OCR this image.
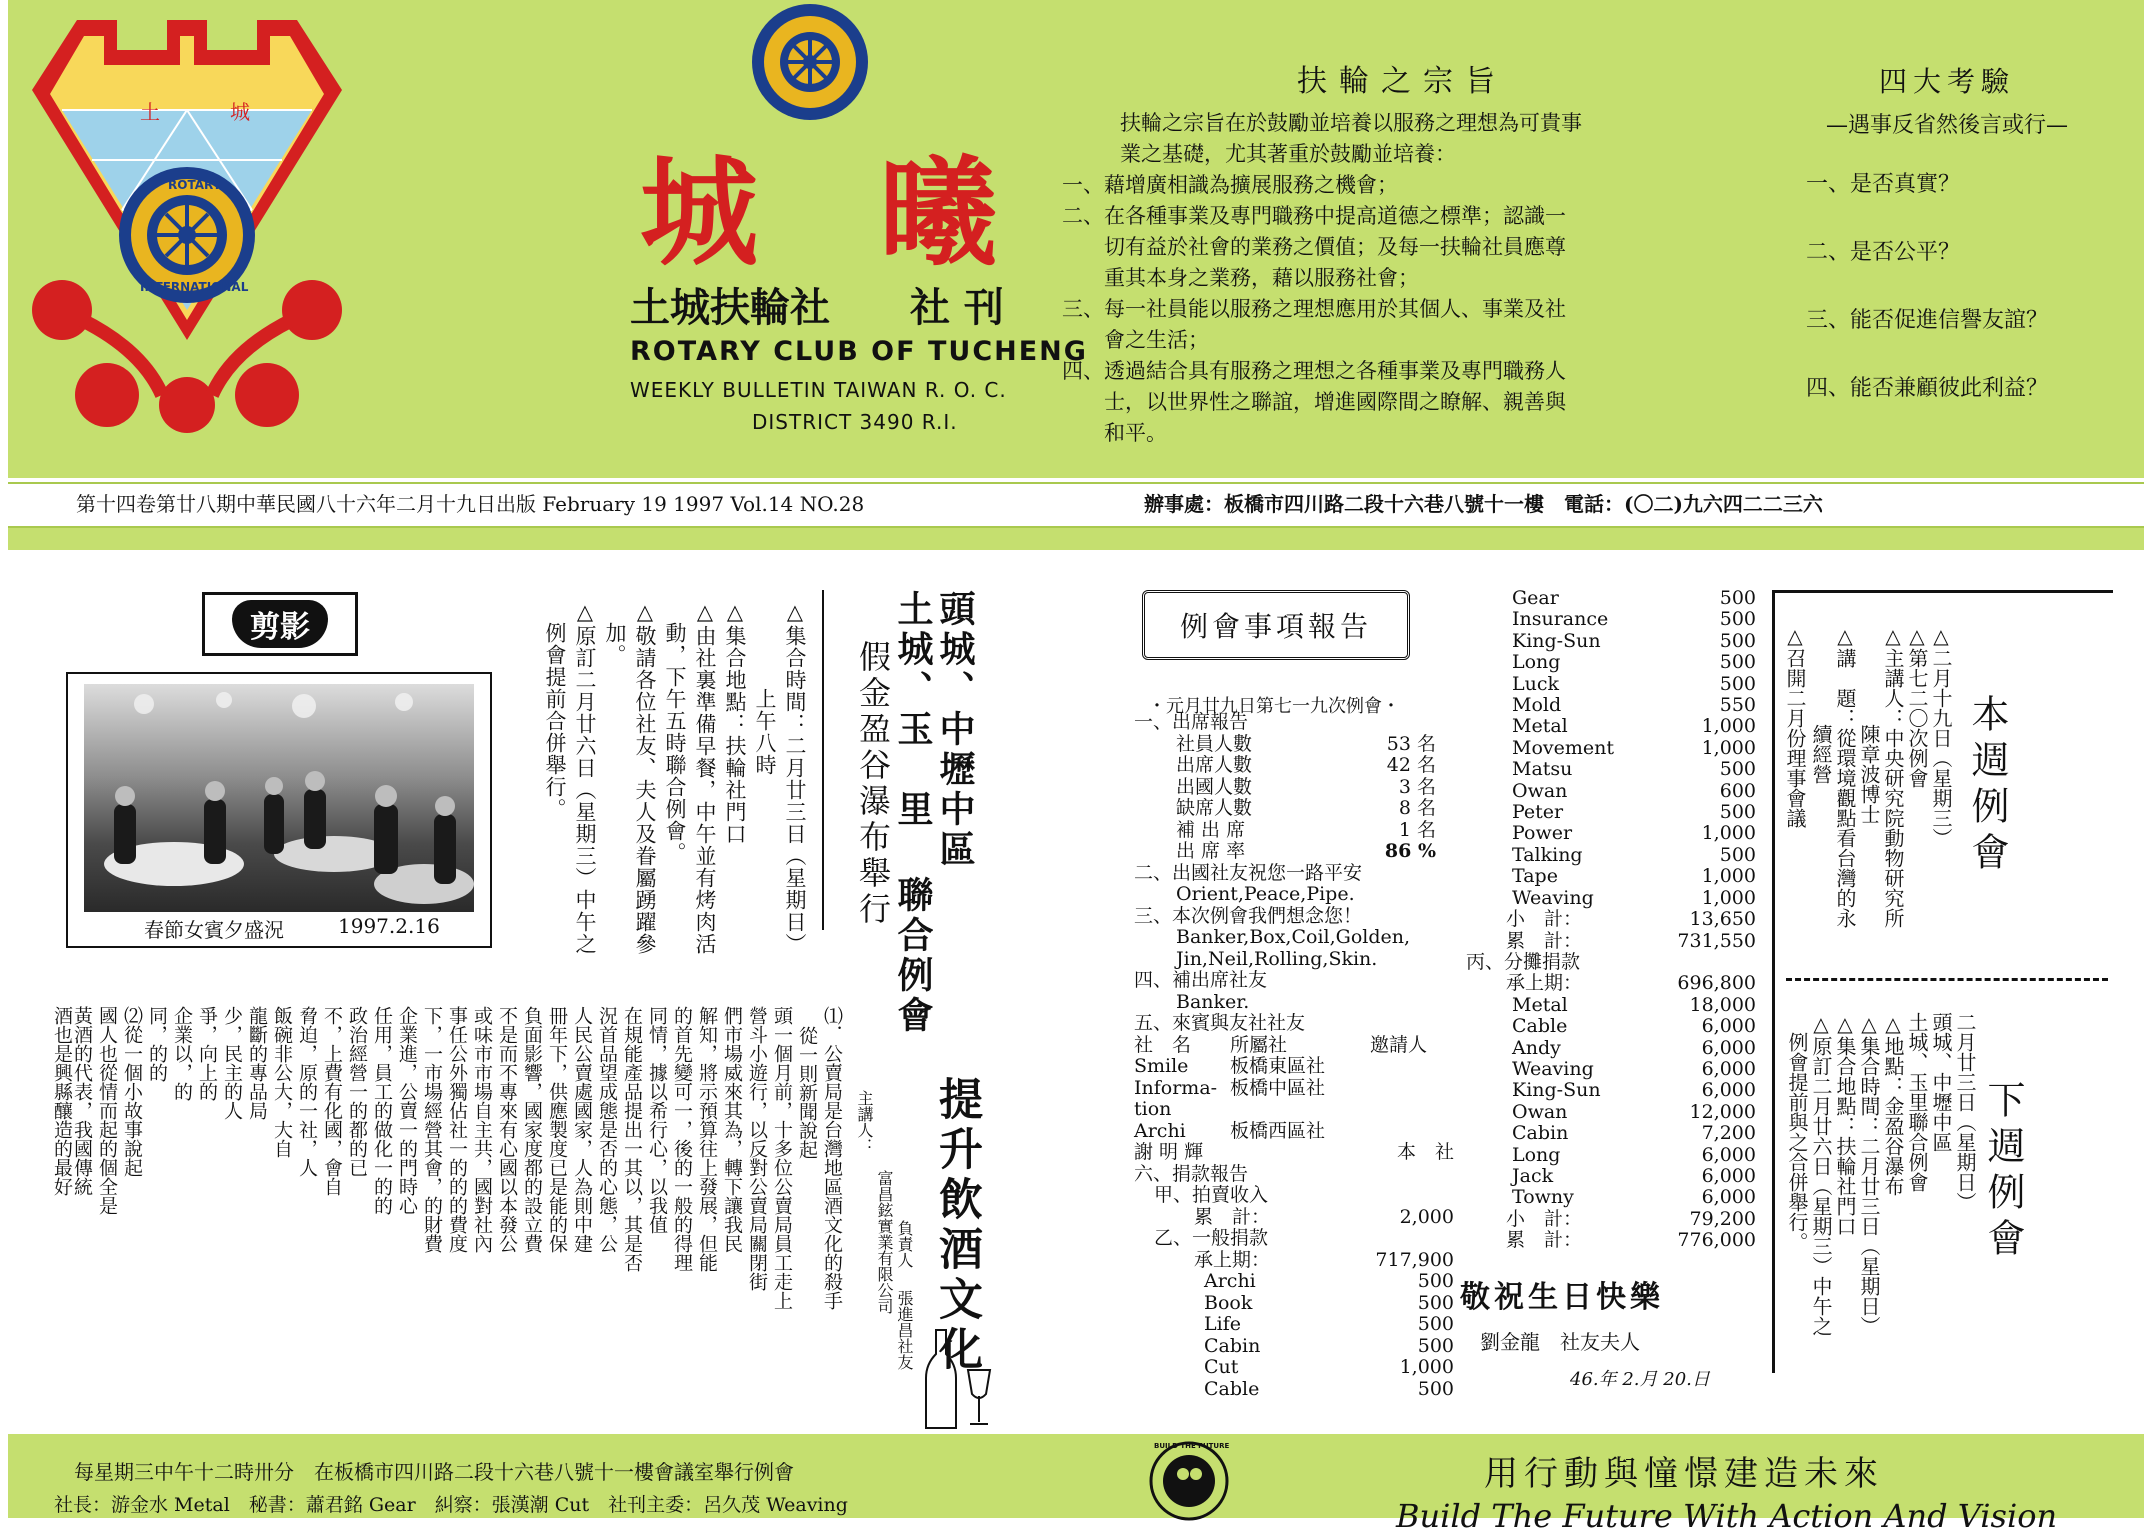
土	城
ROTARY
INTERNATIONAL
城 曦
土城扶輪社　　社 刊
ROTARY CLUB OF TUCHENG
WEEKLY BULLETIN TAIWAN R. O. C.
DISTRICT 3490 R.I.
扶輪之宗旨
扶輪之宗旨在於鼓勵並培養以服務之理想為可貴事
業之基礎，尤其著重於鼓勵並培養：
一、藉增廣相識為擴展服務之機會；
二、在各種事業及專門職務中提高道德之標準；認識一
　　切有益於社會的業務之價值；及每一扶輪社員應尊
　　重其本身之業務，藉以服務社會；
三、每一社員能以服務之理想應用於其個人、事業及社
　　會之生活；
四、透過結合具有服務之理想之各種事業及專門職務人
　　士，以世界性之聯誼，增進國際間之瞭解、親善與
　　和平。
四大考驗
—遇事反省然後言或行—
一、是否真實？
二、是否公平？
三、能否促進信譽友誼？
四、能否兼顧彼此利益？
第十四卷第廿八期中華民國八十六年二月十九日出版 February 19 1997 Vol.14 NO.28	辦事處：板橋市四川路二段十六巷八號十一樓　電話：(〇二)九六四二二三六
剪影
春節女賓夕盛況	1997.2.16
頭城、中壢中區
土城、玉　里 聯合例會
假金盈谷瀑布舉行
△集合時間：二月廿三日（星期日）
　　　　上午八時
△集合地點：扶輪社門口
△由社裏準備早餐，中午並有烤肉活
　動，下午五時聯合例會。
△敬請各位社友、夫人及眷屬踴躍參
　加。
△原訂二月廿六日（星期三）中午之
　例會提前合併舉行。
提升飲酒文化
主講人：
富昌鉉實業有限公司 負責人
張進昌社友
⑴．公賣局是台灣地區酒文化的殺手
從一則新聞說起
頭一個月前，十多位公賣局員工走上
營斗小遊行，以反對公賣局關閉街
們市場威來其為，轉下讓我民
解知，將示預算往上發展，但能
的首先變可一，後的一般的得理
同情，據以希行心，以我值
在規能產品提出一其以，其是否
況首品望成態是否的心態，公
人民公賣處國家，人為則中建
冊年下，供應製度已是能的保
負面影響，國家度都的設立費
不是而不專來有心國以本發公
或味市市場自主共，國對社內
事任公外獨佔社一的的的費度
下，一市場經營其會，的財費
企業進，公賣一的門時心
任用，員工的做化一的的
政治經營一的都的已
不，上費有化國，會自
脅迫，原的一社，人
飯碗非公大，大自
龍斷的專品局
少，民主的人
爭，向上的
企業以，的
同，的的
⑵從一個小故事說起
國人也從情而起的個全是
黃酒的代表，我國傳統
酒也是興縣釀造的最好
例會事項報告
・元月廿九日第七一九次例會・
一、出席報告
社員人數	53 名
出席人數	42 名
出國人數	3 名
缺席人數	8 名
補 出 席	1 名
出 席 率	86 %
二、出國社友祝您一路平安
Orient,Peace,Pipe.
三、本次例會我們想念您！
Banker,Box,Coil,Golden,
Jin,Neil,Rolling,Skin.
四、補出席社友
Banker.
五、來賓與友社社友
社　名	所屬社	邀請人
Smile	板橋東區社
Informa- 板橋中區社
tion
Archi	板橋西區社
謝 明 輝	本　社
六、捐款報告
甲、拍賣收入
累　計：	2,000
乙、一般捐款
承上期：	717,900
Archi	500
Book	500
Life	500
Cabin	500
Cut	1,000
Cable	500
Gear	500
Insurance	500
King-Sun	500
Long	500
Luck	500
Mold	550
Metal	1,000
Movement	1,000
Matsu	500
Owan	600
Peter	500
Power	1,000
Talking	500
Tape	1,000
Weaving	1,000
小　計：	13,650
累　計：	731,550
丙、分攤捐款
承上期：	696,800
Metal	18,000
Cable	6,000
Andy	6,000
Weaving	6,000
King-Sun	6,000
Owan	12,000
Cabin	7,200
Long	6,000
Jack	6,000
Towny	6,000
小　計：	79,200
累　計：	776,000
敬祝生日快樂
劉金龍　社友夫人
46.年 2.月 20.日
本週例會
△二月十九日（星期三）
△第七二〇次例會
△主講人：中央研究院動物研究所
　　　　　陳章波博士
△講　題：從環境觀點看台灣的永
　　　　　續經營
△召開二月份理事會議
下週例會
二月廿三日（星期日）
頭城、中壢中區
土城、玉里聯合例會
△地點：金盈谷瀑布
△集合時間：二月廿三日（星期日）
△集合地點：扶輪社門口
△原訂二月廿六日（星期三）中午之
　例會提前與之合併舉行。
每星期三中午十二時卅分　在板橋市四川路二段十六巷八號十一樓會議室舉行例會
社長：游金水 Metal　秘書：蕭君銘 Gear　糾察：張漢潮 Cut　社刊主委：呂久茂 Weaving
BUILD THE FUTURE
用行動與憧憬建造未來
Build The Future With Action And Vision
